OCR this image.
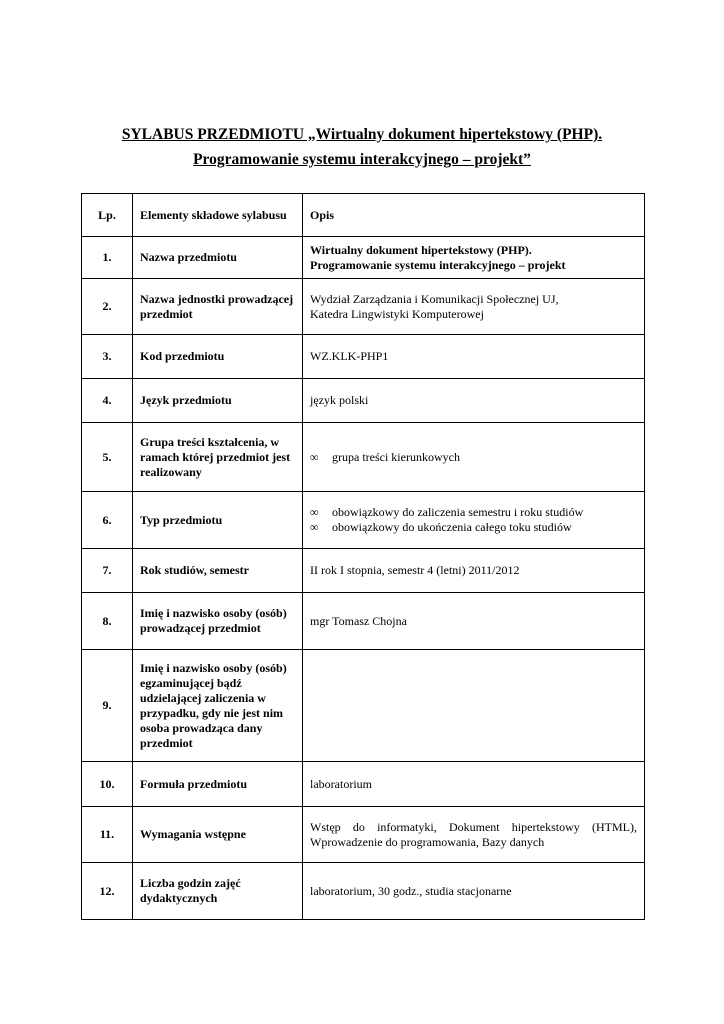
SYLABUS PRZEDMIOTU „Wirtualny dokument hipertekstowy (PHP).
Programowanie systemu interakcyjnego – projekt”
Lp.	Elementy składowe sylabusu	Opis
1.	Nazwa przedmiotu	Wirtualny dokument hipertekstowy (PHP).
Programowanie systemu interakcyjnego – projekt

2.	Nazwa jednostki prowadzącej przedmiot	Wydział Zarządzania i Komunikacji Społecznej UJ,
Katedra Lingwistyki Komputerowej

3.	Kod przedmiotu	WZ.KLK-PHP1
4.	Język przedmiotu	język polski
5.	Grupa treści kształcenia, w ramach której przedmiot jest realizowany	∞ grupa treści kierunkowych

6.	Typ przedmiotu	∞ obowiązkowy do zaliczenia semestru i roku studiów
∞ obowiązkowy do ukończenia całego toku studiów

7.	Rok studiów, semestr	II rok I stopnia, semestr 4 (letni) 2011/2012
8.	Imię i nazwisko osoby (osób) prowadzącej przedmiot	mgr Tomasz Chojna
9.	Imię i nazwisko osoby (osób) egzaminującej bądź udzielającej zaliczenia w przypadku, gdy nie jest nim osoba prowadząca dany przedmiot	
10.	Formuła przedmiotu	laboratorium
11.	Wymagania wstępne	Wstęp do informatyki, Dokument hipertekstowy (HTML),
Wprowadzenie do programowania, Bazy danych

12.	Liczba godzin zajęć dydaktycznych	laboratorium, 30 godz., studia stacjonarne
